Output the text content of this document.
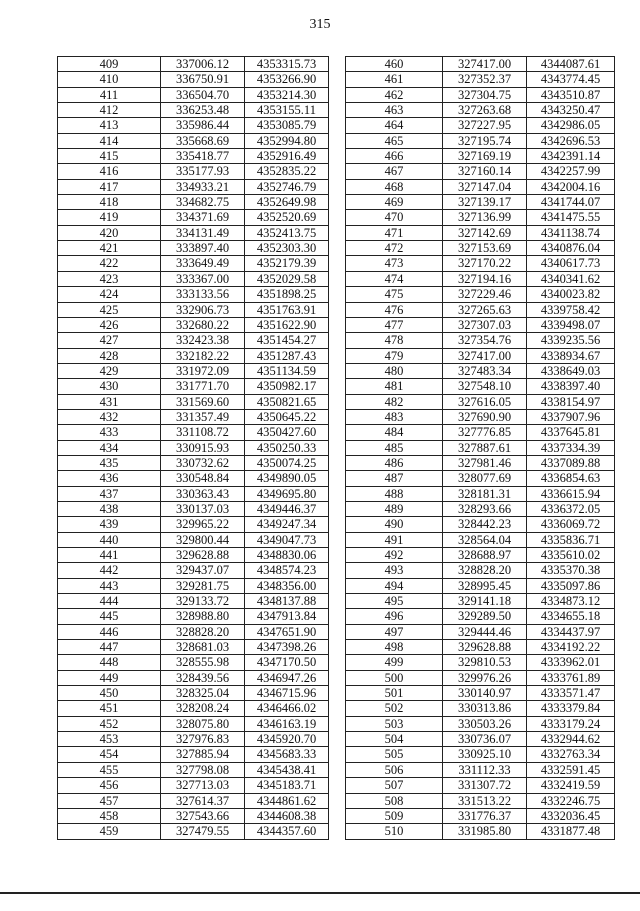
315
409	337006.12	4353315.73
410	336750.91	4353266.90
411	336504.70	4353214.30
412	336253.48	4353155.11
413	335986.44	4353085.79
414	335668.69	4352994.80
415	335418.77	4352916.49
416	335177.93	4352835.22
417	334933.21	4352746.79
418	334682.75	4352649.98
419	334371.69	4352520.69
420	334131.49	4352413.75
421	333897.40	4352303.30
422	333649.49	4352179.39
423	333367.00	4352029.58
424	333133.56	4351898.25
425	332906.73	4351763.91
426	332680.22	4351622.90
427	332423.38	4351454.27
428	332182.22	4351287.43
429	331972.09	4351134.59
430	331771.70	4350982.17
431	331569.60	4350821.65
432	331357.49	4350645.22
433	331108.72	4350427.60
434	330915.93	4350250.33
435	330732.62	4350074.25
436	330548.84	4349890.05
437	330363.43	4349695.80
438	330137.03	4349446.37
439	329965.22	4349247.34
440	329800.44	4349047.73
441	329628.88	4348830.06
442	329437.07	4348574.23
443	329281.75	4348356.00
444	329133.72	4348137.88
445	328988.80	4347913.84
446	328828.20	4347651.90
447	328681.03	4347398.26
448	328555.98	4347170.50
449	328439.56	4346947.26
450	328325.04	4346715.96
451	328208.24	4346466.02
452	328075.80	4346163.19
453	327976.83	4345920.70
454	327885.94	4345683.33
455	327798.08	4345438.41
456	327713.03	4345183.71
457	327614.37	4344861.62
458	327543.66	4344608.38
459	327479.55	4344357.60
460	327417.00	4344087.61
461	327352.37	4343774.45
462	327304.75	4343510.87
463	327263.68	4343250.47
464	327227.95	4342986.05
465	327195.74	4342696.53
466	327169.19	4342391.14
467	327160.14	4342257.99
468	327147.04	4342004.16
469	327139.17	4341744.07
470	327136.99	4341475.55
471	327142.69	4341138.74
472	327153.69	4340876.04
473	327170.22	4340617.73
474	327194.16	4340341.62
475	327229.46	4340023.82
476	327265.63	4339758.42
477	327307.03	4339498.07
478	327354.76	4339235.56
479	327417.00	4338934.67
480	327483.34	4338649.03
481	327548.10	4338397.40
482	327616.05	4338154.97
483	327690.90	4337907.96
484	327776.85	4337645.81
485	327887.61	4337334.39
486	327981.46	4337089.88
487	328077.69	4336854.63
488	328181.31	4336615.94
489	328293.66	4336372.05
490	328442.23	4336069.72
491	328564.04	4335836.71
492	328688.97	4335610.02
493	328828.20	4335370.38
494	328995.45	4335097.86
495	329141.18	4334873.12
496	329289.50	4334655.18
497	329444.46	4334437.97
498	329628.88	4334192.22
499	329810.53	4333962.01
500	329976.26	4333761.89
501	330140.97	4333571.47
502	330313.86	4333379.84
503	330503.26	4333179.24
504	330736.07	4332944.62
505	330925.10	4332763.34
506	331112.33	4332591.45
507	331307.72	4332419.59
508	331513.22	4332246.75
509	331776.37	4332036.45
510	331985.80	4331877.48
